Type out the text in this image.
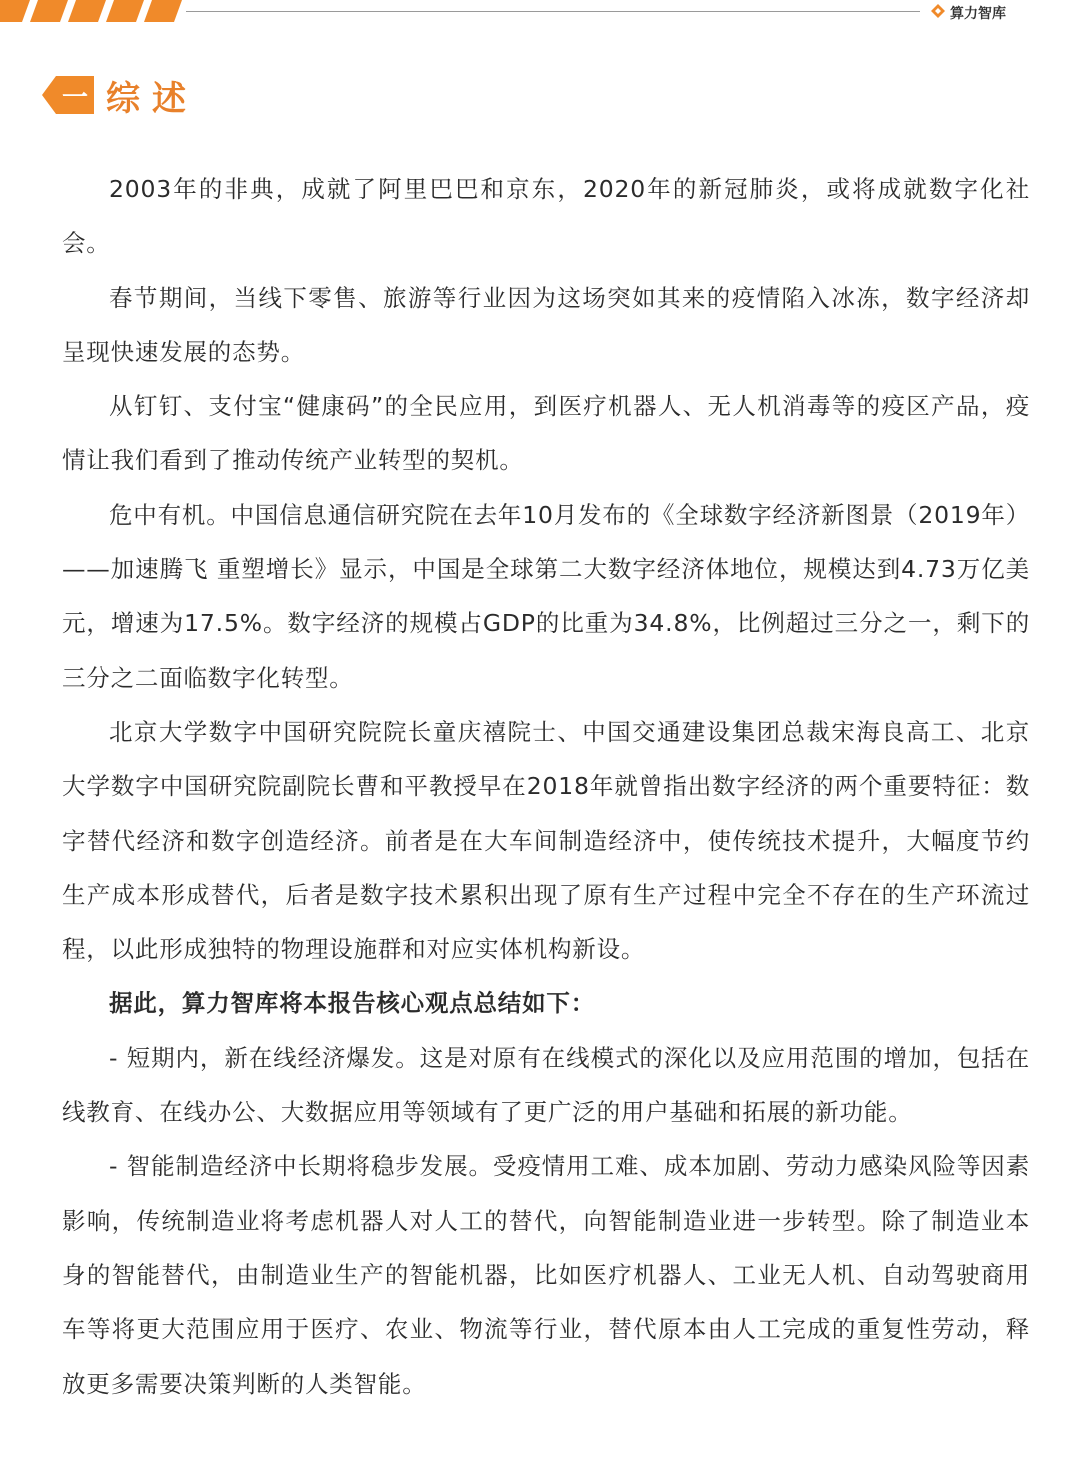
算力智库
一 综述

2003年的非典，成就了阿里巴巴和京东，2020年的新冠肺炎，或将成就数字化社会。

春节期间，当线下零售、旅游等行业因为这场突如其来的疫情陷入冰冻，数字经济却呈现快速发展的态势。

从钉钉、支付宝“健康码”的全民应用，到医疗机器人、无人机消毒等的疫区产品，疫情让我们看到了推动传统产业转型的契机。

危中有机。中国信息通信研究院在去年10月发布的《全球数字经济新图景（2019年）——加速腾飞 重塑增长》显示，中国是全球第二大数字经济体地位，规模达到4.73万亿美元，增速为17.5%。数字经济的规模占GDP的比重为34.8%，比例超过三分之一，剩下的三分之二面临数字化转型。

北京大学数字中国研究院院长童庆禧院士、中国交通建设集团总裁宋海良高工、北京大学数字中国研究院副院长曹和平教授早在2018年就曾指出数字经济的两个重要特征：数字替代经济和数字创造经济。前者是在大车间制造经济中，使传统技术提升，大幅度节约生产成本形成替代，后者是数字技术累积出现了原有生产过程中完全不存在的生产环流过程，以此形成独特的物理设施群和对应实体机构新设。

据此，算力智库将本报告核心观点总结如下：

- 短期内，新在线经济爆发。这是对原有在线模式的深化以及应用范围的增加，包括在线教育、在线办公、大数据应用等领域有了更广泛的用户基础和拓展的新功能。

- 智能制造经济中长期将稳步发展。受疫情用工难、成本加剧、劳动力感染风险等因素影响，传统制造业将考虑机器人对人工的替代，向智能制造业进一步转型。除了制造业本身的智能替代，由制造业生产的智能机器，比如医疗机器人、工业无人机、自动驾驶商用车等将更大范围应用于医疗、农业、物流等行业，替代原本由人工完成的重复性劳动，释放更多需要决策判断的人类智能。
